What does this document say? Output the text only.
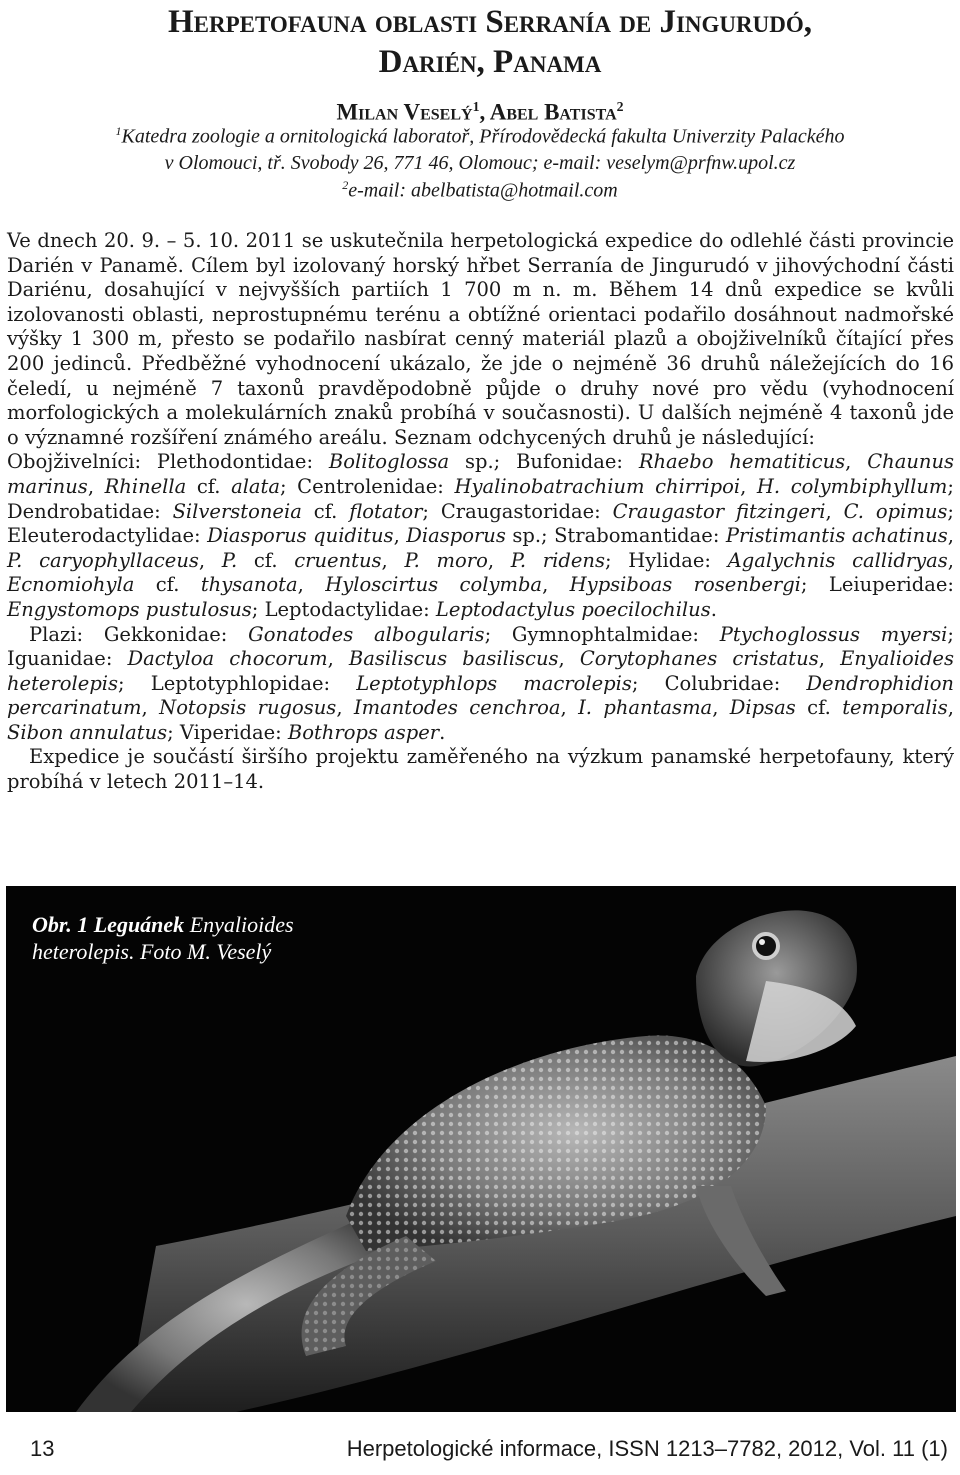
Herpetofauna oblasti Serranía de Jingurudó, Darién, Panama

Milan Veselý$^1$, Abel Batista$^2$

$^1$Katedra zoologie a ornitologická laboratoř, Přírodovědecká fakulta Univerzity Palackého
v Olomouci, tř. Svobody 26, 771 46, Olomouc; e-mail: veselym@prfnw.upol.cz

$^2$e-mail: abelbatista@hotmail.com

Ve dnech 20. 9. – 5. 10. 2011 se uskutečnila herpetologická expedice do odlehlé části provincie Darién v Panamě. Cílem byl izolovaný horský hřbet Serranía de Jingurudó v jihovýchodní části Dariénu, dosahující v nejvyšších partiích 1 700 m n. m. Během 14 dnů expedice se kvůli izolovanosti oblasti, neprostupnému terénu a obtížné orientaci podařilo dosáhnout nadmořské výšky 1 300 m, přesto se podařilo nasbírat cenný materiál plazů a obojživelníků čítající přes 200 jedinců. Předběžné vyhodnocení ukázalo, že jde o nejméně 36 druhů náležejících do 16 čeledí, u nejméně 7 taxonů pravděpodobně půjde o druhy nové pro vědu (vyhodnocení morfologických a molekulárních znaků probíhá v současnosti). U dalších nejméně 4 taxonů jde o významné rozšíření známého areálu. Seznam odchycených druhů je následující:

Obojživelníci: Plethodontidae: Bolitoglossa sp.; Bufonidae: Rhaebo hematiticus, Chaunus marinus, Rhinella cf. alata; Centrolenidae: Hyalinobatrachium chirripoi, H. colymbiphyllum; Dendrobatidae: Silverstoneia cf. flotator; Craugastoridae: Craugastor fitzingeri, C. opimus; Eleuterodactylidae: Diasporus quiditus, Diasporus sp.; Strabomantidae: Pristimantis achatinus, P. caryophyllaceus, P. cf. cruentus, P. moro, P. ridens; Hylidae: Agalychnis callidryas, Ecnomiohyla cf. thysanota, Hyloscirtus colymba, Hypsiboas rosenbergi; Leiuperidae: Engystomops pustulosus; Leptodactylidae: Leptodactylus poecilochilus.

Plazi: Gekkonidae: Gonatodes albogularis; Gymnophtalmidae: Ptychoglossus myersi; Iguanidae: Dactyloa chocorum, Basiliscus basiliscus, Corytophanes cristatus, Enyalioides heterolepis; Leptotyphlopidae: Leptotyphlops macrolepis; Colubridae: Dendrophidion percarinatum, Notopsis rugosus, Imantodes cenchroa, I. phantasma, Dipsas cf. temporalis, Sibon annulatus; Viperidae: Bothrops asper.

Expedice je součástí širšího projektu zaměřeného na výzkum panamské herpetofauny, který probíhá v letech 2011–14.

Obr. 1 Leguánek Enyalioides heterolepis. Foto M. Veselý
13	Herpetologické informace, ISSN 1213–7782, 2012, Vol. 11 (1)
